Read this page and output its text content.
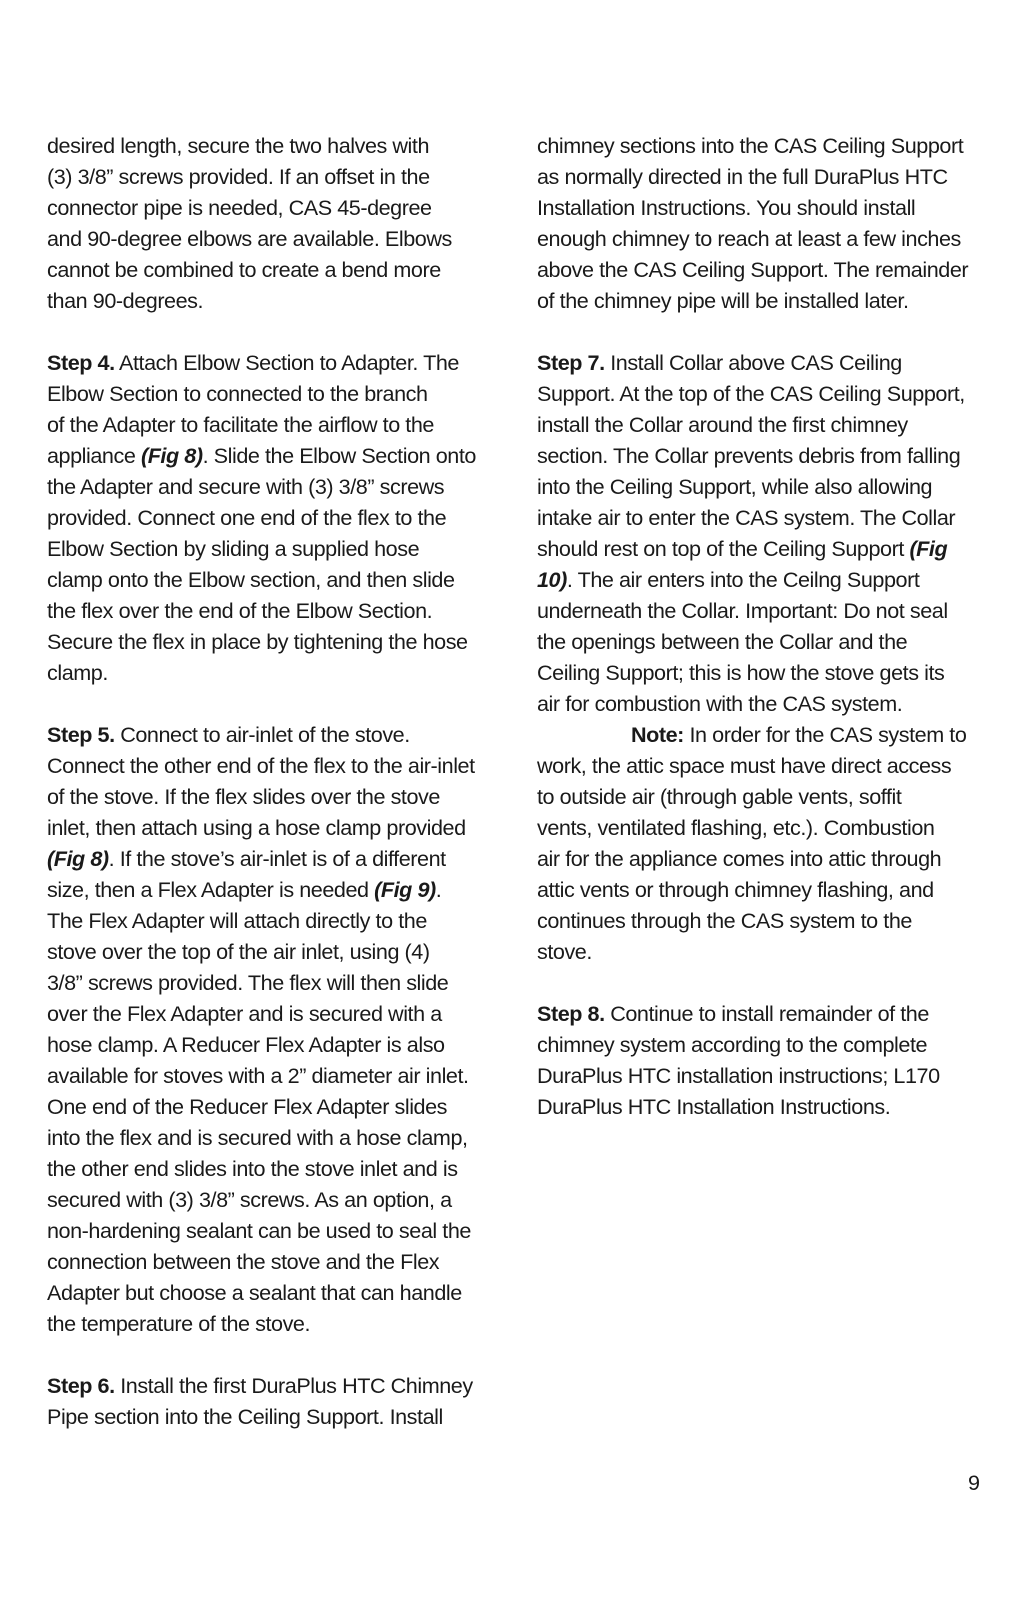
desired length, secure the two halves with
(3) 3/8” screws provided. If an offset in the
connector pipe is needed, CAS 45-degree
and 90-degree elbows are available. Elbows
cannot be combined to create a bend more
than 90-degrees.

Step 4. Attach Elbow Section to Adapter. The
Elbow Section to connected to the branch
of the Adapter to facilitate the airflow to the
appliance (Fig 8). Slide the Elbow Section onto
the Adapter and secure with (3) 3/8” screws
provided. Connect one end of the flex to the
Elbow Section by sliding a supplied hose
clamp onto the Elbow section, and then slide
the flex over the end of the Elbow Section.
Secure the flex in place by tightening the hose
clamp.

Step 5. Connect to air-inlet of the stove.
Connect the other end of the flex to the air-inlet
of the stove. If the flex slides over the stove
inlet, then attach using a hose clamp provided
(Fig 8). If the stove’s air-inlet is of a different
size, then a Flex Adapter is needed (Fig 9).
The Flex Adapter will attach directly to the
stove over the top of the air inlet, using (4)
3/8” screws provided. The flex will then slide
over the Flex Adapter and is secured with a
hose clamp. A Reducer Flex Adapter is also
available for stoves with a 2” diameter air inlet.
One end of the Reducer Flex Adapter slides
into the flex and is secured with a hose clamp,
the other end slides into the stove inlet and is
secured with (3) 3/8” screws. As an option, a
non-hardening sealant can be used to seal the
connection between the stove and the Flex
Adapter but choose a sealant that can handle
the temperature of the stove.

Step 6. Install the first DuraPlus HTC Chimney
Pipe section into the Ceiling Support. Install

chimney sections into the CAS Ceiling Support
as normally directed in the full DuraPlus HTC
Installation Instructions. You should install
enough chimney to reach at least a few inches
above the CAS Ceiling Support. The remainder
of the chimney pipe will be installed later.

Step 7. Install Collar above CAS Ceiling
Support. At the top of the CAS Ceiling Support,
install the Collar around the first chimney
section. The Collar prevents debris from falling
into the Ceiling Support, while also allowing
intake air to enter the CAS system. The Collar
should rest on top of the Ceiling Support (Fig
10). The air enters into the Ceilng Support
underneath the Collar. Important: Do not seal
the openings between the Collar and the
Ceiling Support; this is how the stove gets its
air for combustion with the CAS system.

Note: In order for the CAS system to
work, the attic space must have direct access
to outside air (through gable vents, soffit
vents, ventilated flashing, etc.). Combustion
air for the appliance comes into attic through
attic vents or through chimney flashing, and
continues through the CAS system to the
stove.

Step 8. Continue to install remainder of the
chimney system according to the complete
DuraPlus HTC installation instructions; L170
DuraPlus HTC Installation Instructions.

9
